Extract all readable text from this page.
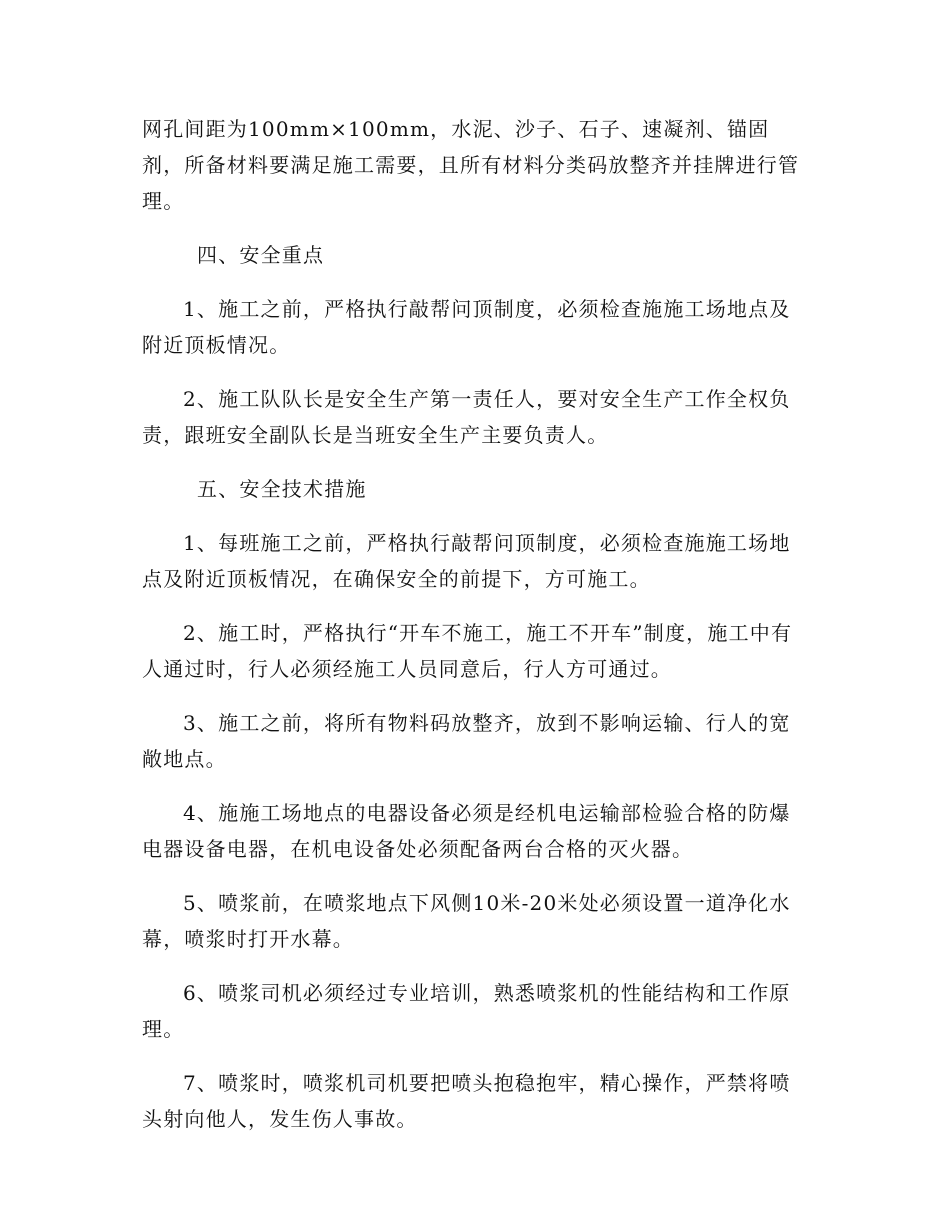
网孔间距为100mm×100mm，水泥、沙子、石子、速凝剂、锚固剂，所备材料要满足施工需要，且所有材料分类码放整齐并挂牌进行管理。

四、安全重点

1、施工之前，严格执行敲帮问顶制度，必须检查施施工场地点及附近顶板情况。

2、施工队队长是安全生产第一责任人，要对安全生产工作全权负责，跟班安全副队长是当班安全生产主要负责人。

五、安全技术措施

1、每班施工之前，严格执行敲帮问顶制度，必须检查施施工场地点及附近顶板情况，在确保安全的前提下，方可施工。

2、施工时，严格执行“开车不施工，施工不开车”制度，施工中有人通过时，行人必须经施工人员同意后，行人方可通过。

3、施工之前，将所有物料码放整齐，放到不影响运输、行人的宽敞地点。

4、施施工场地点的电器设备必须是经机电运输部检验合格的防爆电器设备电器，在机电设备处必须配备两台合格的灭火器。

5、喷浆前，在喷浆地点下风侧10米-20米处必须设置一道净化水幕，喷浆时打开水幕。

6、喷浆司机必须经过专业培训，熟悉喷浆机的性能结构和工作原理。

7、喷浆时，喷浆机司机要把喷头抱稳抱牢，精心操作，严禁将喷头射向他人，发生伤人事故。
